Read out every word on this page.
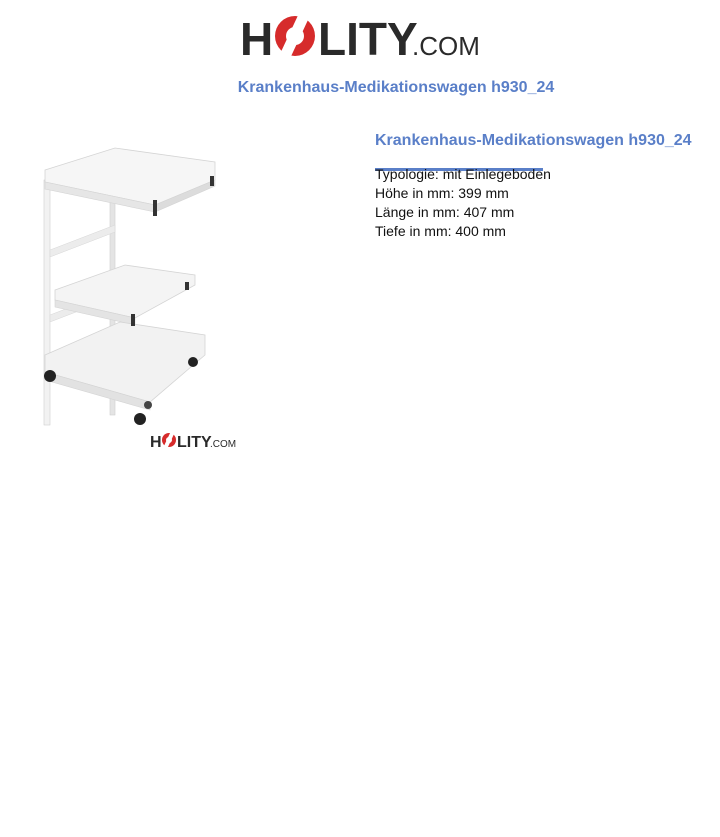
H LITY
.COM
Krankenhaus-Medikationswagen h930_24
H LITY
.COM
Krankenhaus-Medikationswagen h930_24
Typologie: mit Einlegeboden
Höhe in mm: 399 mm
Länge in mm: 407 mm
Tiefe in mm: 400 mm
